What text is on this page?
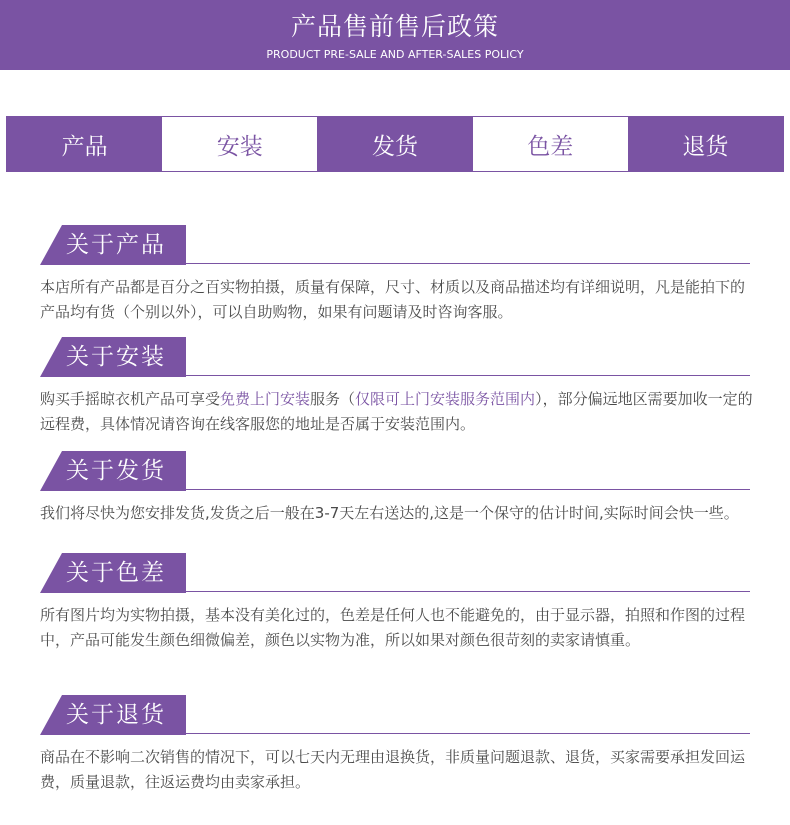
产品售前售后政策
PRODUCT PRE-SALE AND AFTER-SALES POLICY
产品	安装	发货	色差	退货
关于产品
本店所有产品都是百分之百实物拍摄，质量有保障，尺寸、材质以及商品描述均有详细说明，凡是能拍下的产品均有货（个别以外），可以自助购物，如果有问题请及时咨询客服。
关于安装
购买手摇晾衣机产品可享受免费上门安装服务（仅限可上门安装服务范围内），部分偏远地区需要加收一定的远程费，具体情况请咨询在线客服您的地址是否属于安装范围内。
关于发货
我们将尽快为您安排发货,发货之后一般在3-7天左右送达的,这是一个保守的估计时间,实际时间会快一些。
关于色差
所有图片均为实物拍摄，基本没有美化过的，色差是任何人也不能避免的，由于显示器，拍照和作图的过程中，产品可能发生颜色细微偏差，颜色以实物为准，所以如果对颜色很苛刻的卖家请慎重。
关于退货
商品在不影响二次销售的情况下，可以七天内无理由退换货，非质量问题退款、退货，买家需要承担发回运费，质量退款，往返运费均由卖家承担。
